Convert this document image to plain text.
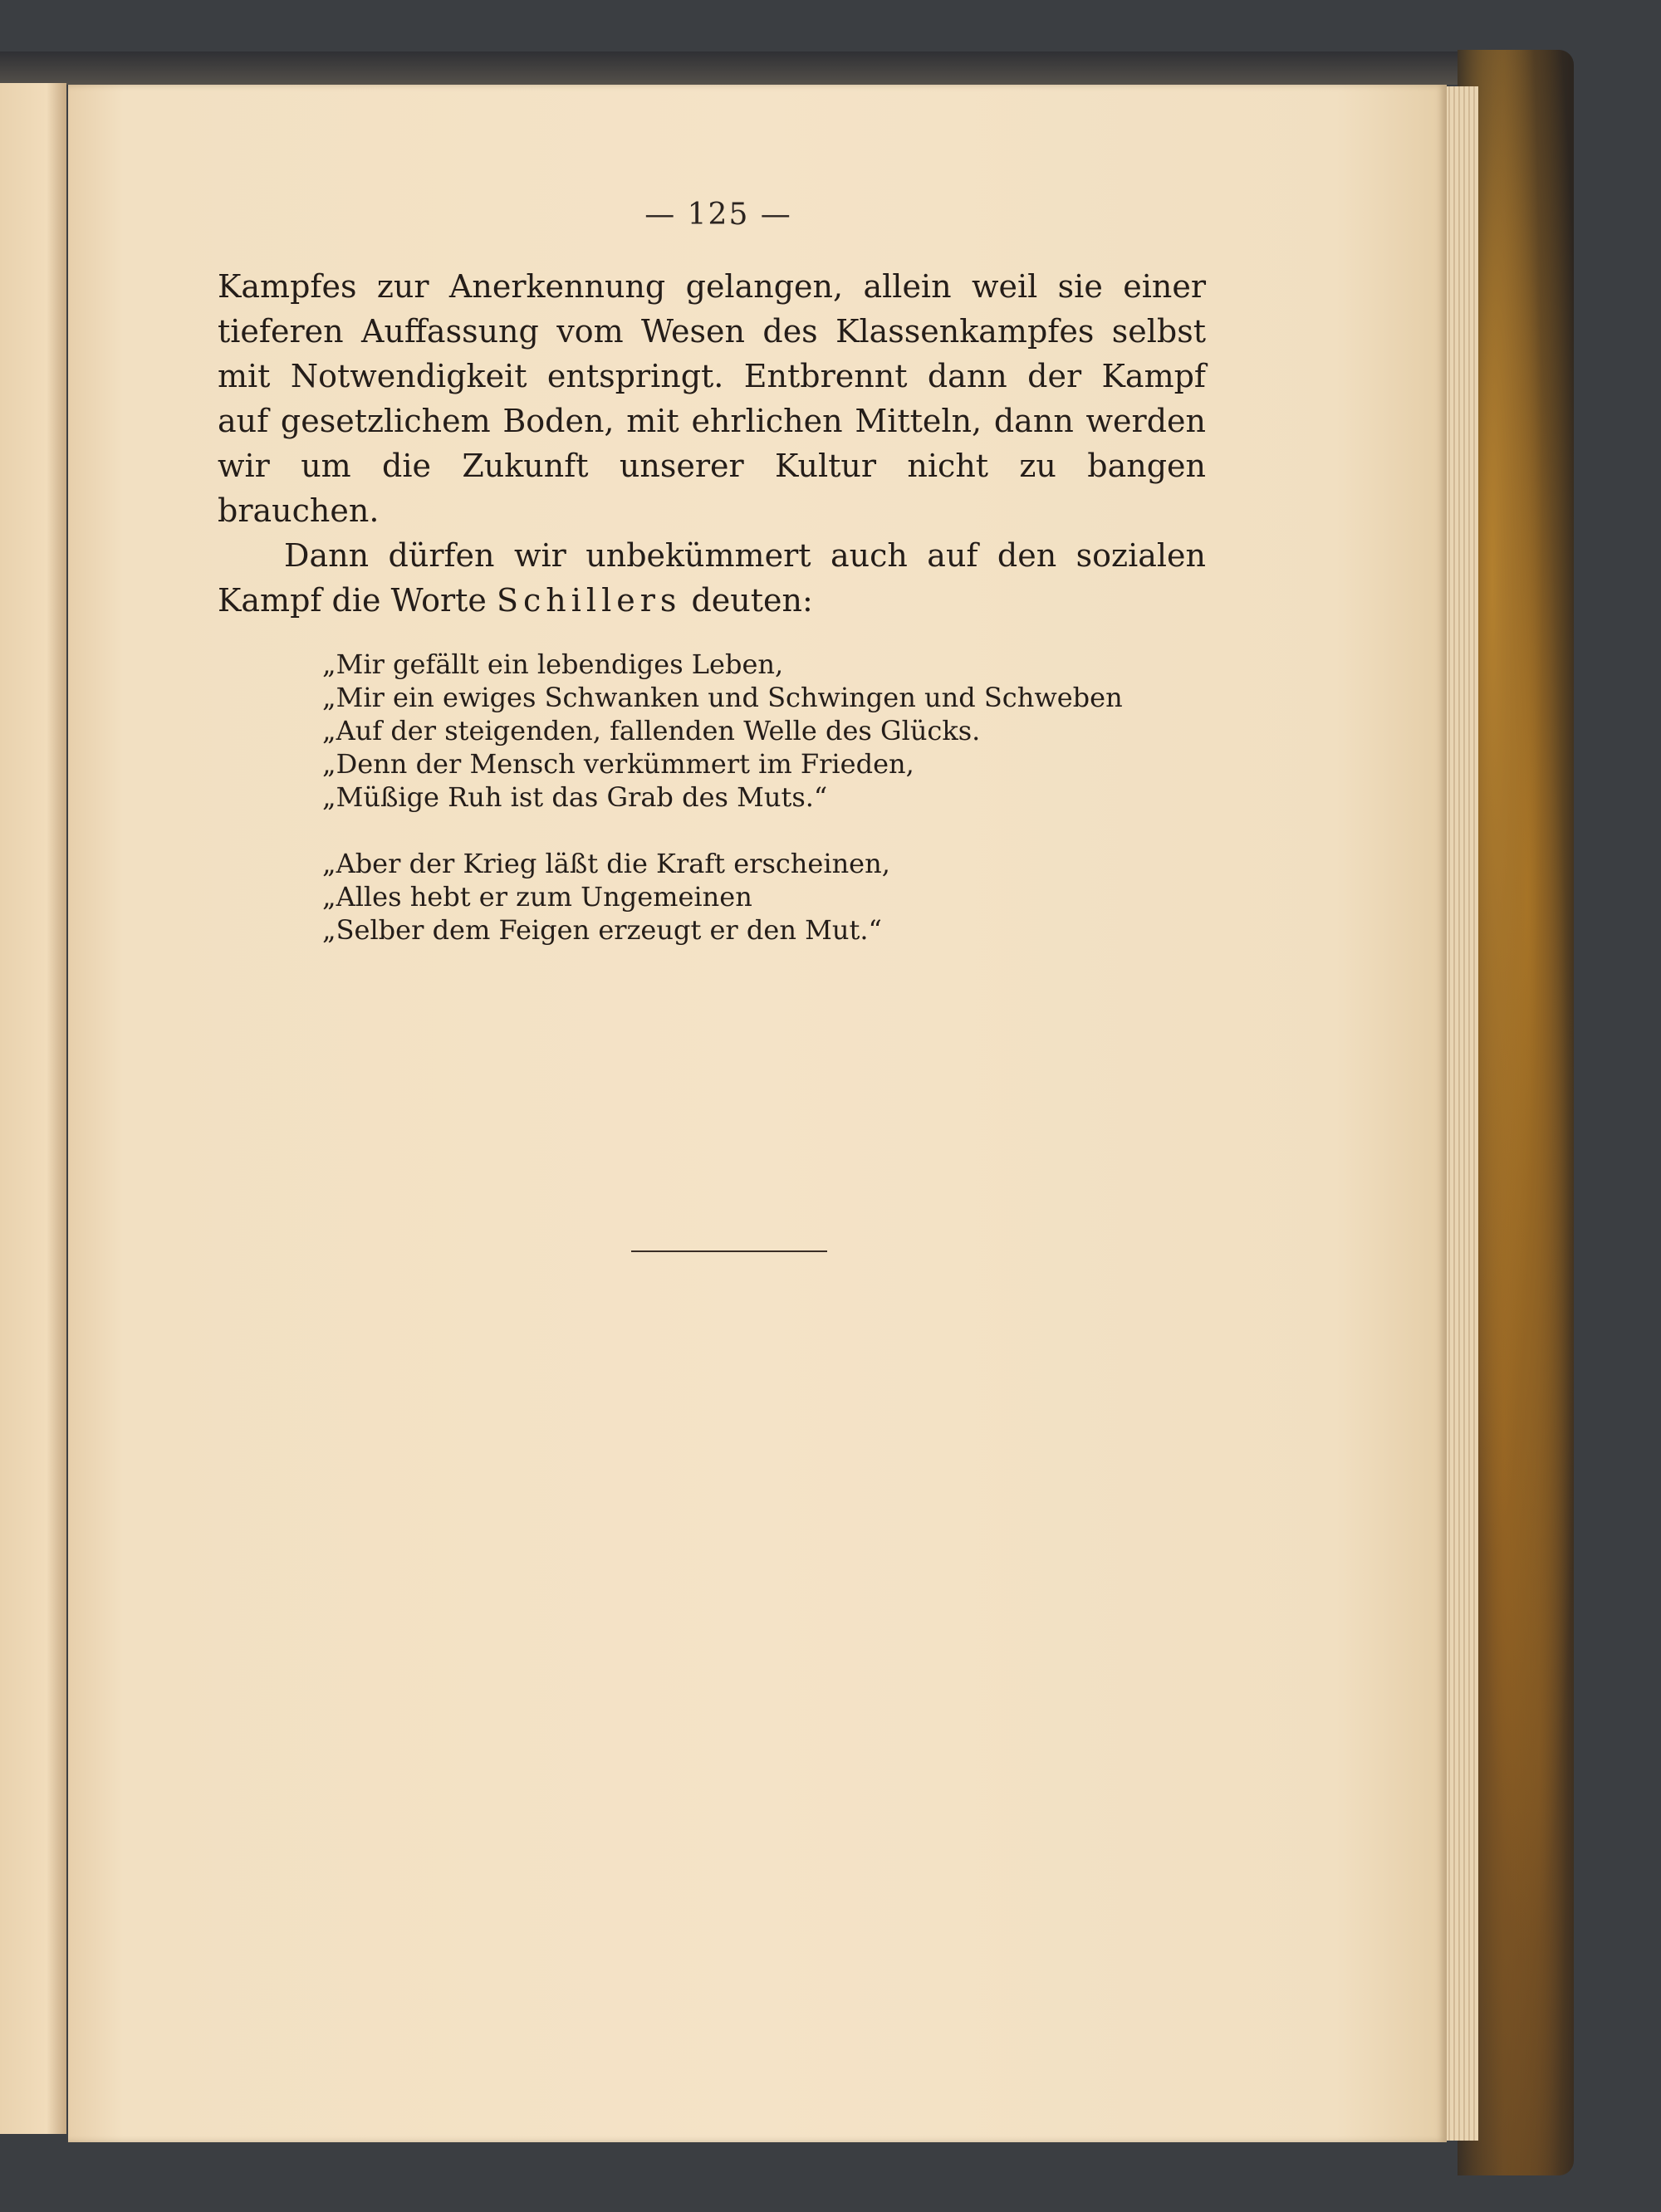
— 125 —
Kampfes zur Anerkennung gelangen, allein weil sie einer
tieferen Auffassung vom Wesen des Klassenkampfes selbst
mit Notwendigkeit entspringt. Entbrennt dann der Kampf
auf gesetzlichem Boden, mit ehrlichen Mitteln, dann werden
wir um die Zukunft unserer Kultur nicht zu bangen
brauchen.
Dann dürfen wir unbekümmert auch auf den sozialen
Kampf die Worte Schillers deuten:
„Mir gefällt ein lebendiges Leben,
„Mir ein ewiges Schwanken und Schwingen und Schweben
„Auf der steigenden, fallenden Welle des Glücks.
„Denn der Mensch verkümmert im Frieden,
„Müßige Ruh ist das Grab des Muts.“
„Aber der Krieg läßt die Kraft erscheinen,
„Alles hebt er zum Ungemeinen
„Selber dem Feigen erzeugt er den Mut.“
